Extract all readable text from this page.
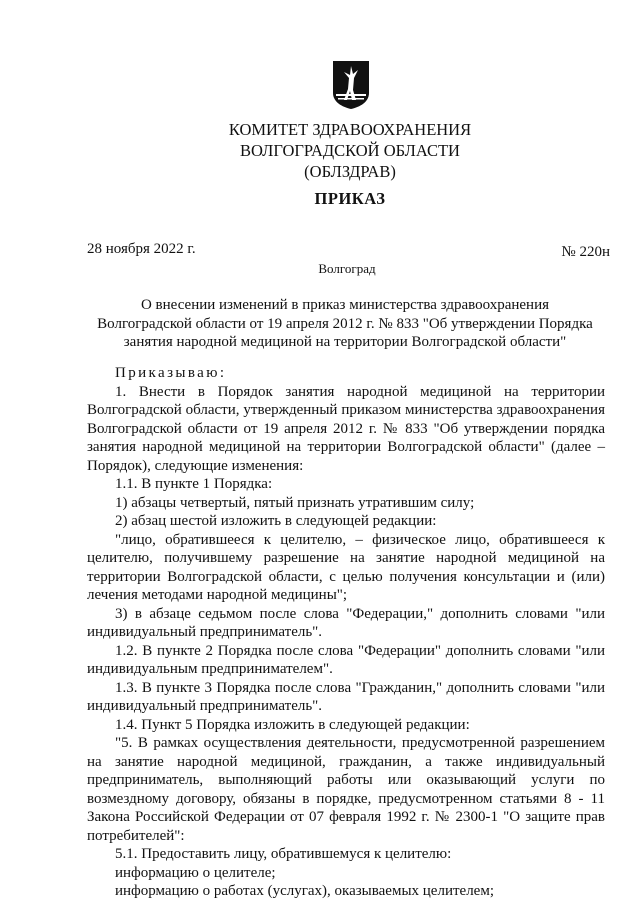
КОМИТЕТ ЗДРАВООХРАНЕНИЯ
ВОЛГОГРАДСКОЙ ОБЛАСТИ
(ОБЛЗДРАВ)
ПРИКАЗ
28 ноября 2022 г.	№ 220н
Волгоград
О внесении изменений в приказ министерства здравоохранения
Волгоградской области от 19 апреля 2012 г. № 833 "Об утверждении Порядка
занятия народной медициной на территории Волгоградской области"

Приказываю:

1. Внести в Порядок занятия народной медициной на территории Волгоградской области, утвержденный приказом министерства здравоохранения Волгоградской области от 19 апреля 2012 г. № 833 "Об утверждении порядка занятия народной медициной на территории Волгоградской области" (далее – Порядок), следующие изменения:

1.1. В пункте 1 Порядка:

1) абзацы четвертый, пятый признать утратившим силу;

2) абзац шестой изложить в следующей редакции:

"лицо, обратившееся к целителю, – физическое лицо, обратившееся к целителю, получившему разрешение на занятие народной медициной на территории Волгоградской области, с целью получения консультации и (или) лечения методами народной медицины";

3) в абзаце седьмом после слова "Федерации," дополнить словами "или индивидуальный предприниматель".

1.2. В пункте 2 Порядка после слова "Федерации" дополнить словами "или индивидуальным предпринимателем".

1.3. В пункте 3 Порядка после слова "Гражданин," дополнить словами "или индивидуальный предприниматель".

1.4. Пункт 5 Порядка изложить в следующей редакции:

"5. В рамках осуществления деятельности, предусмотренной разрешением на занятие народной медициной, гражданин, а также индивидуальный предприниматель, выполняющий работы или оказывающий услуги по возмездному договору, обязаны в порядке, предусмотренном статьями 8 - 11 Закона Российской Федерации от 07 февраля 1992 г. № 2300-1 "О защите прав потребителей":

5.1. Предоставить лицу, обратившемуся к целителю:

информацию о целителе;

информацию о работах (услугах), оказываемых целителем;
